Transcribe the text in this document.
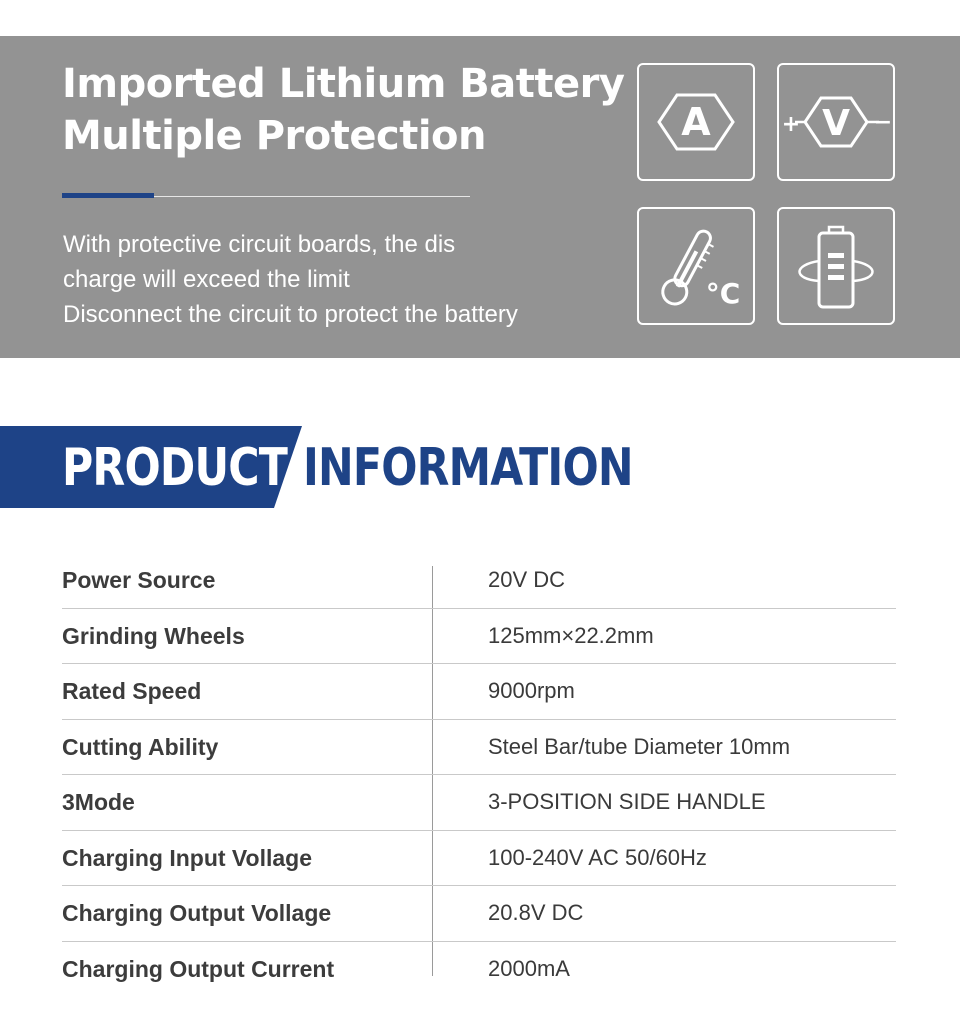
Imported Lithium Battery
Multiple Protection
With protective circuit boards, the dis
charge will exceed the limit
Disconnect the circuit to protect the battery
A	V
+	−
°C
PRODUCT INFORMATION
Power Source	20V DC
Grinding Wheels	125mm×22.2mm
Rated Speed	9000rpm
Cutting Ability	Steel Bar/tube Diameter 10mm
3Mode	3-POSITION SIDE HANDLE
Charging Input Vollage	100-240V AC 50/60Hz
Charging Output Vollage	20.8V DC
Charging Output Current	2000mA
